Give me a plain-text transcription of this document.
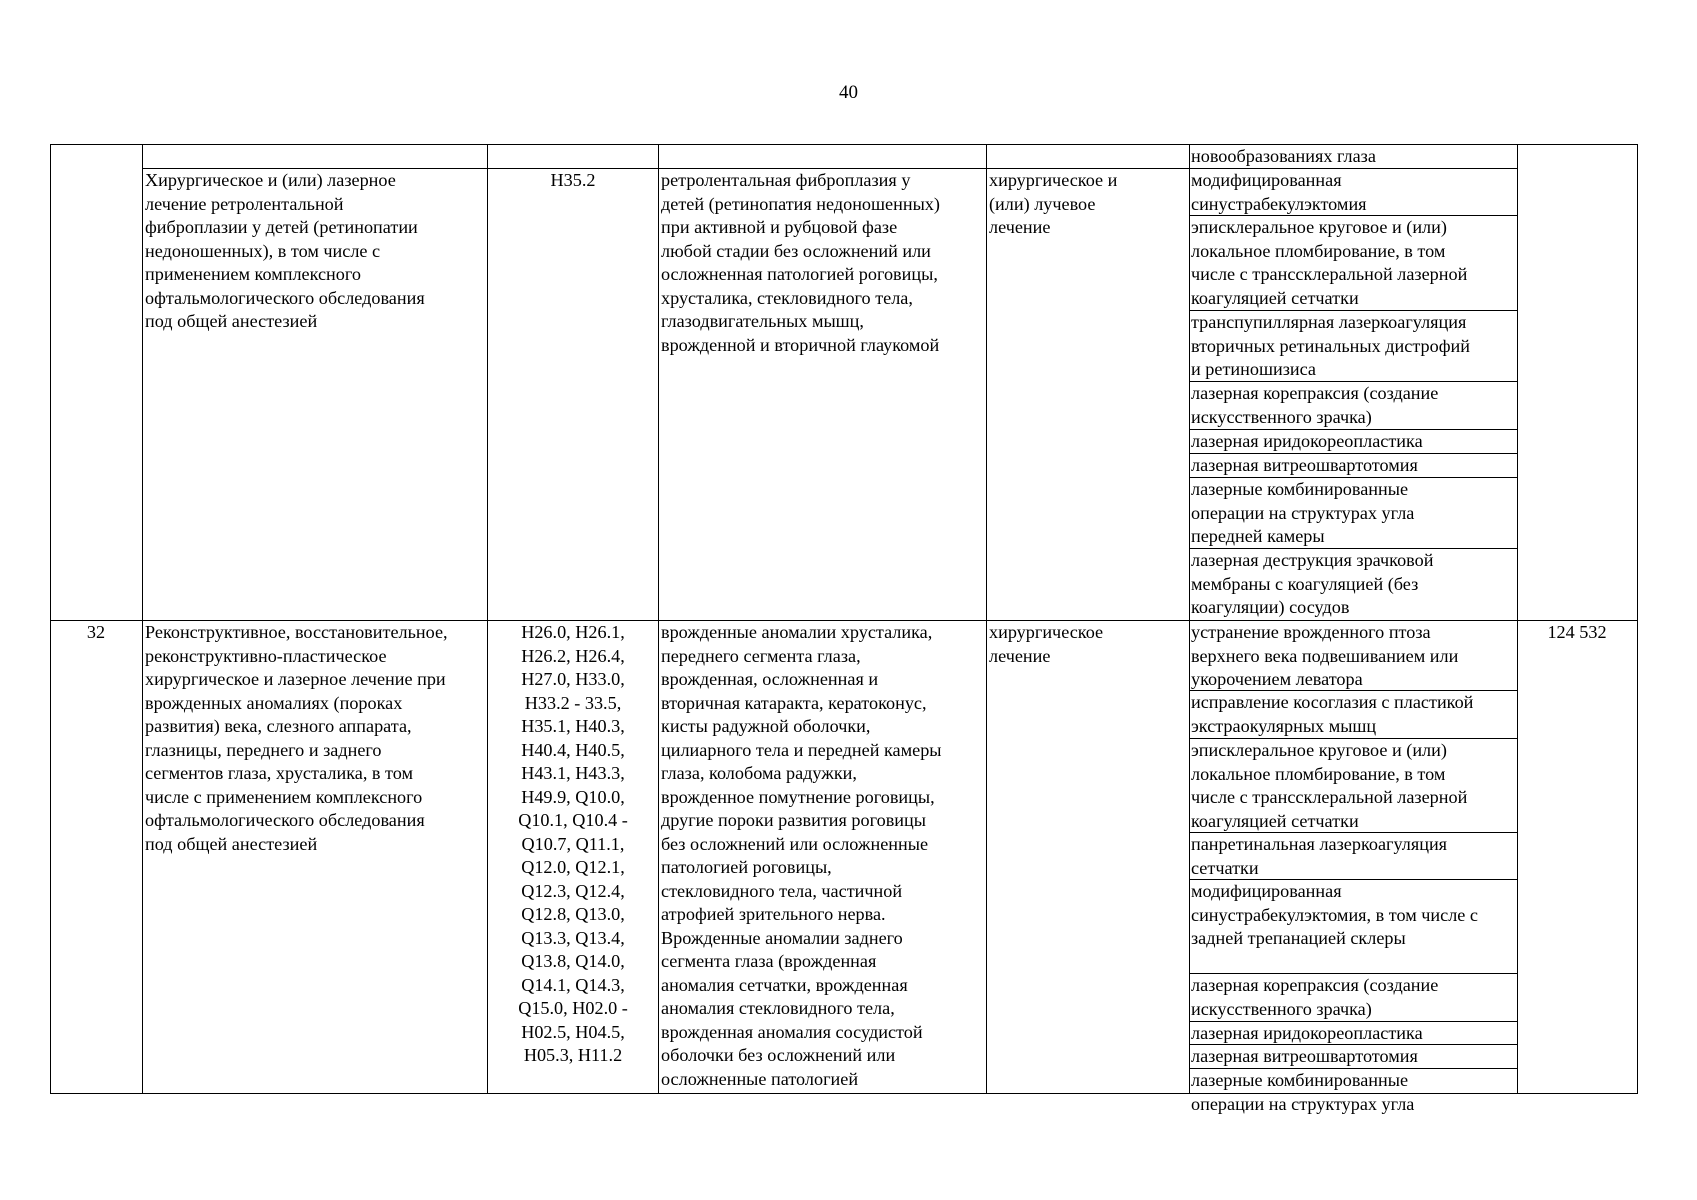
40
новообразованиях глаза
Хирургическое и (или) лазерное
лечение ретролентальной
фиброплазии у детей (ретинопатии
недоношенных), в том числе с
применением комплексного
офтальмологического обследования
под общей анестезией
H35.2	ретролентальная фиброплазия у
детей (ретинопатия недоношенных)
при активной и рубцовой фазе
любой стадии без осложнений или
осложненная патологией роговицы,
хрусталика, стекловидного тела,
глазодвигательных мышц,
врожденной и вторичной глаукомой
хирургическое и
(или) лучевое
лечение
модифицированная
синустрабекулэктомия
эписклеральное круговое и (или)
локальное пломбирование, в том
числе с транссклеральной лазерной
коагуляцией сетчатки
транспупиллярная лазеркоагуляция
вторичных ретинальных дистрофий
и ретиношизиса
лазерная корепраксия (создание
искусственного зрачка)
лазерная иридокореопластика
лазерная витреошвартотомия
лазерные комбинированные
операции на структурах угла
передней камеры
лазерная деструкция зрачковой
мембраны с коагуляцией (без
коагуляции) сосудов
32	Реконструктивное, восстановительное,
реконструктивно-пластическое
хирургическое и лазерное лечение при
врожденных аномалиях (пороках
развития) века, слезного аппарата,
глазницы, переднего и заднего
сегментов глаза, хрусталика, в том
числе с применением комплексного
офтальмологического обследования
под общей анестезией
H26.0, H26.1,
H26.2, H26.4,
H27.0, H33.0,
H33.2 - 33.5,
H35.1, H40.3,
H40.4, H40.5,
H43.1, H43.3,
H49.9, Q10.0,
Q10.1, Q10.4 -
Q10.7, Q11.1,
Q12.0, Q12.1,
Q12.3, Q12.4,
Q12.8, Q13.0,
Q13.3, Q13.4,
Q13.8, Q14.0,
Q14.1, Q14.3,
Q15.0, H02.0 -
H02.5, H04.5,
H05.3, H11.2
врожденные аномалии хрусталика,
переднего сегмента глаза,
врожденная, осложненная и
вторичная катаракта, кератоконус,
кисты радужной оболочки,
цилиарного тела и передней камеры
глаза, колобома радужки,
врожденное помутнение роговицы,
другие пороки развития роговицы
без осложнений или осложненные
патологией роговицы,
стекловидного тела, частичной
атрофией зрительного нерва.
Врожденные аномалии заднего
сегмента глаза (врожденная
аномалия сетчатки, врожденная
аномалия стекловидного тела,
врожденная аномалия сосудистой
оболочки без осложнений или
осложненные патологией
хирургическое
лечение
124 532
устранение врожденного птоза
верхнего века подвешиванием или
укорочением леватора
исправление косоглазия с пластикой
экстраокулярных мышц
эписклеральное круговое и (или)
локальное пломбирование, в том
числе с транссклеральной лазерной
коагуляцией сетчатки
панретинальная лазеркоагуляция
сетчатки
модифицированная
синустрабекулэктомия, в том числе с
задней трепанацией склеры
лазерная корепраксия (создание
искусственного зрачка)
лазерная иридокореопластика
лазерная витреошвартотомия
лазерные комбинированные
операции на структурах угла
